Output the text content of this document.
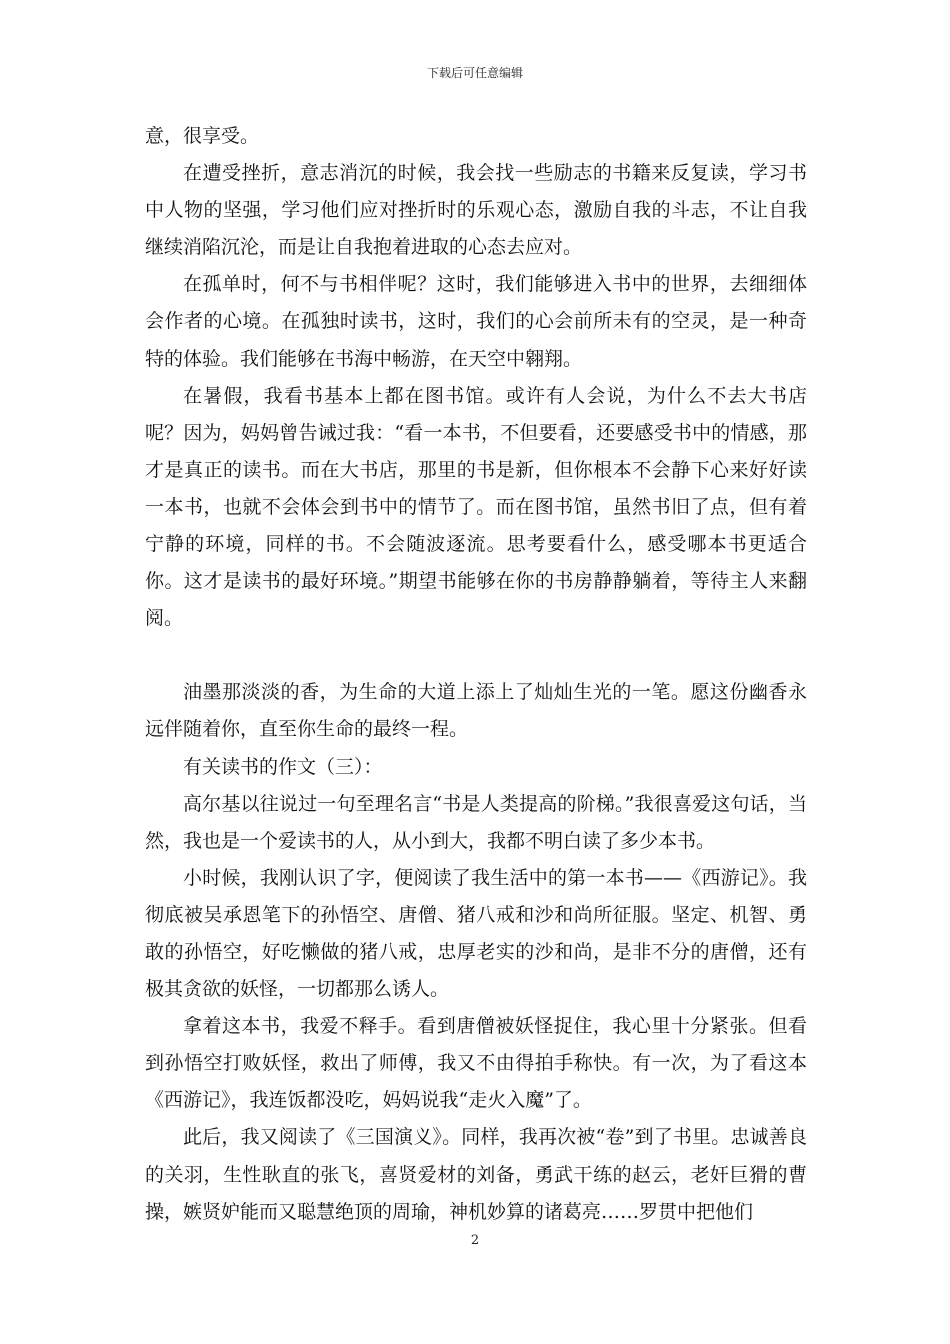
下载后可任意编辑

意，很享受。

在遭受挫折，意志消沉的时候，我会找一些励志的书籍来反复读，学习书中人物的坚强，学习他们应对挫折时的乐观心态，激励自我的斗志，不让自我继续消陷沉沦，而是让自我抱着进取的心态去应对。

在孤单时，何不与书相伴呢？这时，我们能够进入书中的世界，去细细体会作者的心境。在孤独时读书，这时，我们的心会前所未有的空灵，是一种奇特的体验。我们能够在书海中畅游，在天空中翱翔。

在暑假，我看书基本上都在图书馆。或许有人会说，为什么不去大书店呢？因为，妈妈曾告诫过我：“看一本书，不但要看，还要感受书中的情感，那才是真正的读书。而在大书店，那里的书是新，但你根本不会静下心来好好读一本书，也就不会体会到书中的情节了。而在图书馆，虽然书旧了点，但有着宁静的环境，同样的书。不会随波逐流。思考要看什么，感受哪本书更适合你。这才是读书的最好环境。”期望书能够在你的书房静静躺着，等待主人来翻阅。

油墨那淡淡的香，为生命的大道上添上了灿灿生光的一笔。愿这份幽香永远伴随着你，直至你生命的最终一程。

有关读书的作文（三）：

高尔基以往说过一句至理名言“书是人类提高的阶梯。”我很喜爱这句话，当然，我也是一个爱读书的人，从小到大，我都不明白读了多少本书。

小时候，我刚认识了字，便阅读了我生活中的第一本书——《西游记》。我彻底被吴承恩笔下的孙悟空、唐僧、猪八戒和沙和尚所征服。坚定、机智、勇敢的孙悟空，好吃懒做的猪八戒，忠厚老实的沙和尚，是非不分的唐僧，还有极其贪欲的妖怪，一切都那么诱人。

拿着这本书，我爱不释手。看到唐僧被妖怪捉住，我心里十分紧张。但看到孙悟空打败妖怪，救出了师傅，我又不由得拍手称快。有一次，为了看这本《西游记》，我连饭都没吃，妈妈说我“走火入魔”了。

此后，我又阅读了《三国演义》。同样，我再次被“卷”到了书里。忠诚善良的关羽，生性耿直的张飞，喜贤爱材的刘备，勇武干练的赵云，老奸巨猾的曹操，嫉贤妒能而又聪慧绝顶的周瑜，神机妙算的诸葛亮……罗贯中把他们

2
